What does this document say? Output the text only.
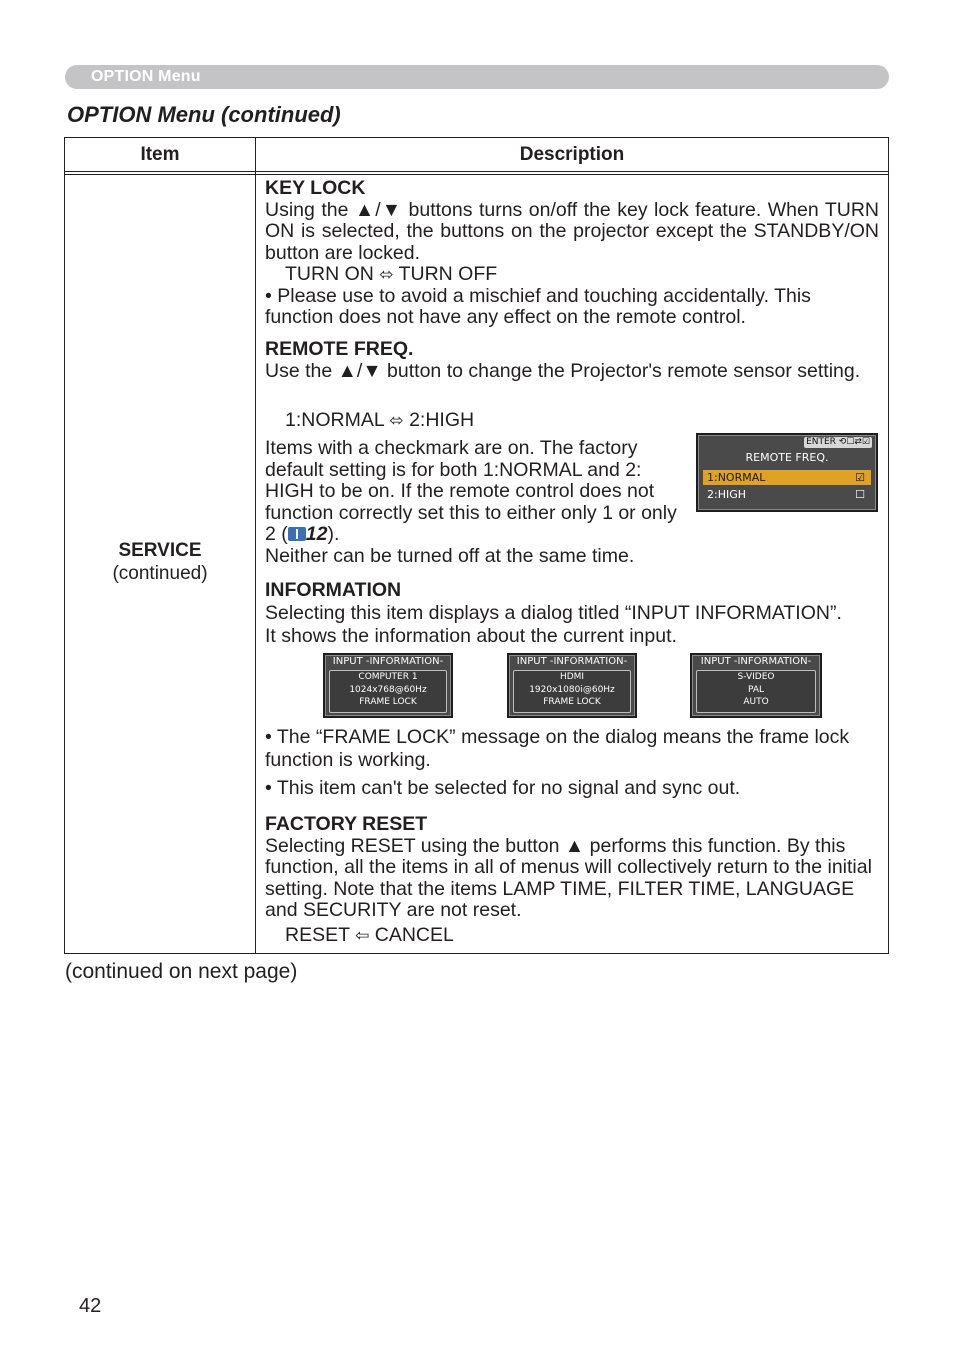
OPTION Menu
OPTION Menu (continued)
Item	Description
SERVICE
(continued)
KEY LOCK
Using the ▲/▼ buttons turns on/off the key lock feature. When TURN ON is selected, the buttons on the projector except the STANDBY/ON button are locked.
TURN ON ⬄ TURN OFF
• Please use to avoid a mischief and touching accidentally. This function does not have any effect on the remote control.
REMOTE FREQ.
Use the ▲/▼ button to change the Projector's remote sensor setting.
1:NORMAL ⬄ 2:HIGH
Items with a checkmark are on. The factory default setting is for both 1:NORMAL and 2: HIGH to be on. If the remote control does not function correctly set this to either only 1 or only 2 ( 12).
Neither can be turned off at the same time.
ENTER ⟲☐⇄☑
REMOTE FREQ.
1:NORMAL	☑
2:HIGH	☐
INFORMATION
Selecting this item displays a dialog titled “INPUT INFORMATION”.
It shows the information about the current input.
INPUT -INFORMATION-
COMPUTER 1
1024x768@60Hz
FRAME LOCK
INPUT -INFORMATION-
HDMI
1920x1080i@60Hz
FRAME LOCK
INPUT -INFORMATION-
S-VIDEO
PAL
AUTO
• The “FRAME LOCK” message on the dialog means the frame lock function is working.
• This item can't be selected for no signal and sync out.
FACTORY RESET
Selecting RESET using the button ▲ performs this function. By this function, all the items in all of menus will collectively return to the initial setting. Note that the items LAMP TIME, FILTER TIME, LANGUAGE and SECURITY are not reset.
RESET ⇦ CANCEL
(continued on next page)
42
